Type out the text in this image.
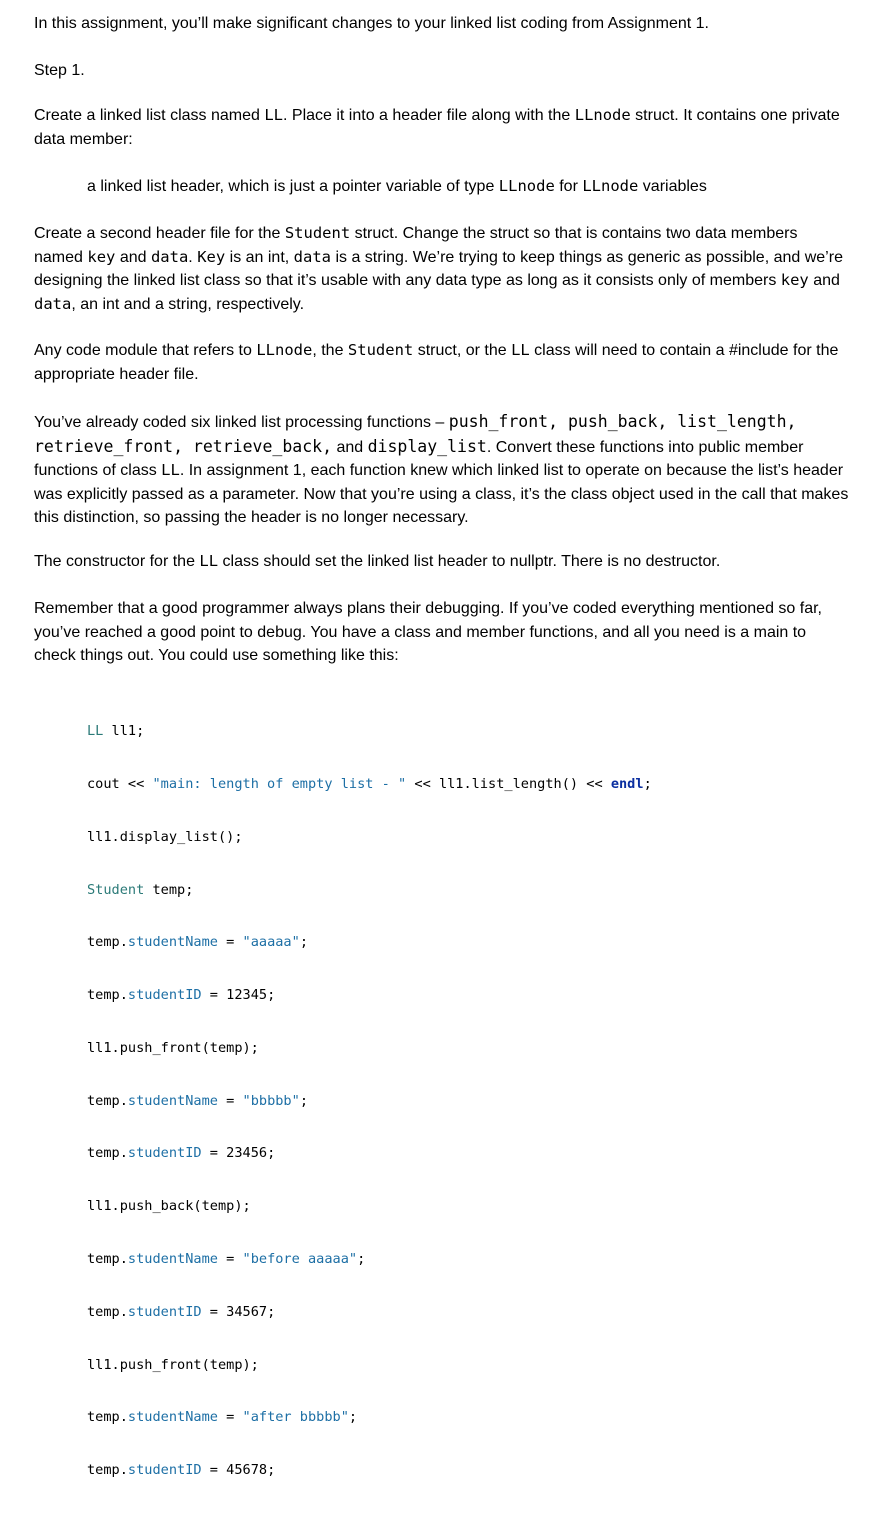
In this assignment, you’ll make significant changes to your linked list coding from Assignment 1.

Step 1.

Create a linked list class named LL. Place it into a header file along with the LLnode struct. It contains one private data member:

a linked list header, which is just a pointer variable of type LLnode for LLnode variables

Create a second header file for the Student struct. Change the struct so that is contains two data members named key and data. Key is an int, data is a string. We’re trying to keep things as generic as possible, and we’re designing the linked list class so that it’s usable with any data type as long as it consists only of members key and data, an int and a string, respectively.

Any code module that refers to LLnode, the Student struct, or the LL class will need to contain a #include for the appropriate header file.

You’ve already coded six linked list processing functions – push_front, push_back, list_length, retrieve_front, retrieve_back, and display_list. Convert these functions into public member functions of class LL. In assignment 1, each function knew which linked list to operate on because the list’s header was explicitly passed as a parameter. Now that you’re using a class, it’s the class object used in the call that makes this distinction, so passing the header is no longer necessary.

The constructor for the LL class should set the linked list header to nullptr. There is no destructor.

Remember that a good programmer always plans their debugging. If you’ve coded everything mentioned so far, you’ve reached a good point to debug. You have a class and member functions, and all you need is a main to check things out. You could use something like this:

LL ll1;

cout << "main: length of empty list - " << ll1.list_length() << endl;

ll1.display_list();

Student temp;

temp.studentName = "aaaaa";

temp.studentID = 12345;

ll1.push_front(temp);

temp.studentName = "bbbbb";

temp.studentID = 23456;

ll1.push_back(temp);

temp.studentName = "before aaaaa";

temp.studentID = 34567;

ll1.push_front(temp);

temp.studentName = "after bbbbb";

temp.studentID = 45678;
